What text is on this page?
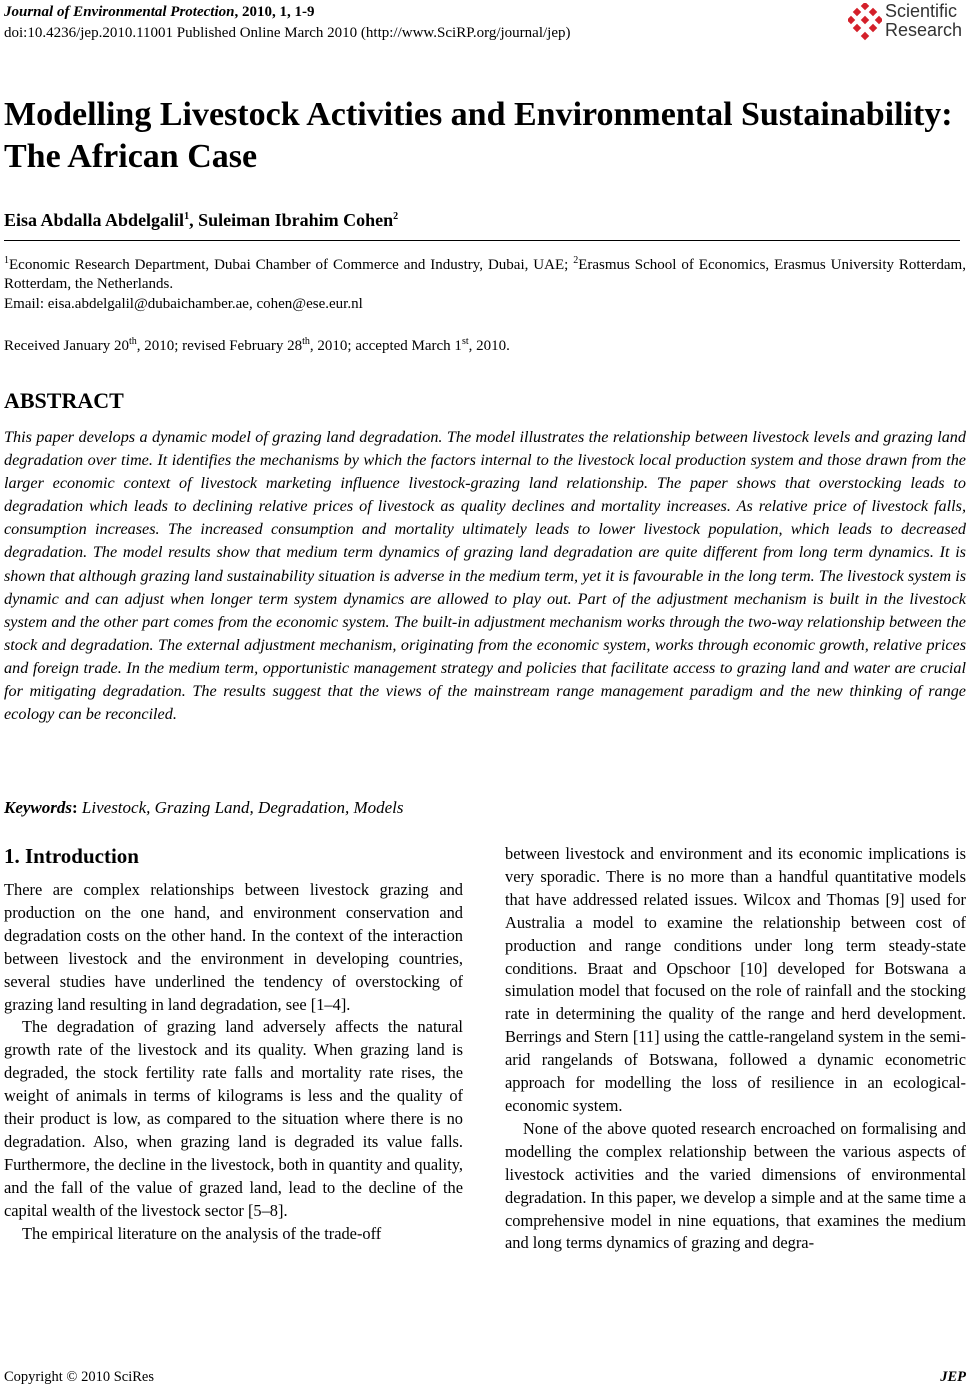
Journal of Environmental Protection, 2010, 1, 1-9
doi:10.4236/jep.2010.11001 Published Online March 2010 (http://www.SciRP.org/journal/jep)
Scientific
Research
Modelling Livestock Activities and Environmental Sustainability:
The African Case
Eisa Abdalla Abdelgalil$^1$, Suleiman Ibrahim Cohen$^2$
$^1$Economic Research Department, Dubai Chamber of Commerce and Industry, Dubai, UAE; $^2$Erasmus School of Economics, Erasmus University Rotterdam, Rotterdam, the Netherlands.
Email: eisa.abdelgalil@dubaichamber.ae, cohen@ese.eur.nl
Received January 20th, 2010; revised February 28th, 2010; accepted March 1st, 2010.
ABSTRACT
This paper develops a dynamic model of grazing land degradation. The model illustrates the relationship between livestock levels and grazing land degradation over time. It identifies the mechanisms by which the factors internal to the livestock local production system and those drawn from the larger economic context of livestock marketing influence livestock-grazing land relationship. The paper shows that overstocking leads to degradation which leads to declining relative prices of livestock as quality declines and mortality increases. As relative price of livestock falls, consumption increases. The increased consumption and mortality ultimately leads to lower livestock population, which leads to decreased degradation. The model results show that medium term dynamics of grazing land degradation are quite different from long term dynamics. It is shown that although grazing land sustainability situation is adverse in the medium term, yet it is favourable in the long term. The livestock system is dynamic and can adjust when longer term system dynamics are allowed to play out. Part of the adjustment mechanism is built in the livestock system and the other part comes from the economic system. The built-in adjustment mechanism works through the two-way relationship between the stock and degradation. The external adjustment mechanism, originating from the economic system, works through economic growth, relative prices and foreign trade. In the medium term, opportunistic management strategy and policies that facilitate access to grazing land and water are crucial for mitigating degradation. The results suggest that the views of the mainstream range management paradigm and the new thinking of range ecology can be reconciled.
Keywords: Livestock, Grazing Land, Degradation, Models
1. Introduction

There are complex relationships between livestock grazing and production on the one hand, and environment conservation and degradation costs on the other hand. In the context of the interaction between livestock and the environment in developing countries, several studies have underlined the tendency of overstocking of grazing land resulting in land degradation, see [1–4].

The degradation of grazing land adversely affects the natural growth rate of the livestock and its quality. When grazing land is degraded, the stock fertility rate falls and mortality rate rises, the weight of animals in terms of kilograms is less and the quality of their product is low, as compared to the situation where there is no degradation. Also, when grazing land is degraded its value falls. Furthermore, the decline in the livestock, both in quantity and quality, and the fall of the value of grazed land, lead to the decline of the capital wealth of the livestock sector [5–8].

The empirical literature on the analysis of the trade-off

between livestock and environment and its economic implications is very sporadic. There is no more than a handful quantitative models that have addressed related issues. Wilcox and Thomas [9] used for Australia a model to examine the relationship between cost of production and range conditions under long term steady-state conditions. Braat and Opschoor [10] developed for Botswana a simulation model that focused on the role of rainfall and the stocking rate in determining the quality of the range and herd development. Berrings and Stern [11] using the cattle-rangeland system in the semi-arid rangelands of Botswana, followed a dynamic econometric approach for modelling the loss of resilience in an ecological-economic system.

None of the above quoted research encroached on formalising and modelling the complex relationship between the various aspects of livestock activities and the varied dimensions of environmental degradation. In this paper, we develop a simple and at the same time a comprehensive model in nine equations, that examines the medium and long terms dynamics of grazing and degra-

Copyright © 2010 SciRes	JEP
